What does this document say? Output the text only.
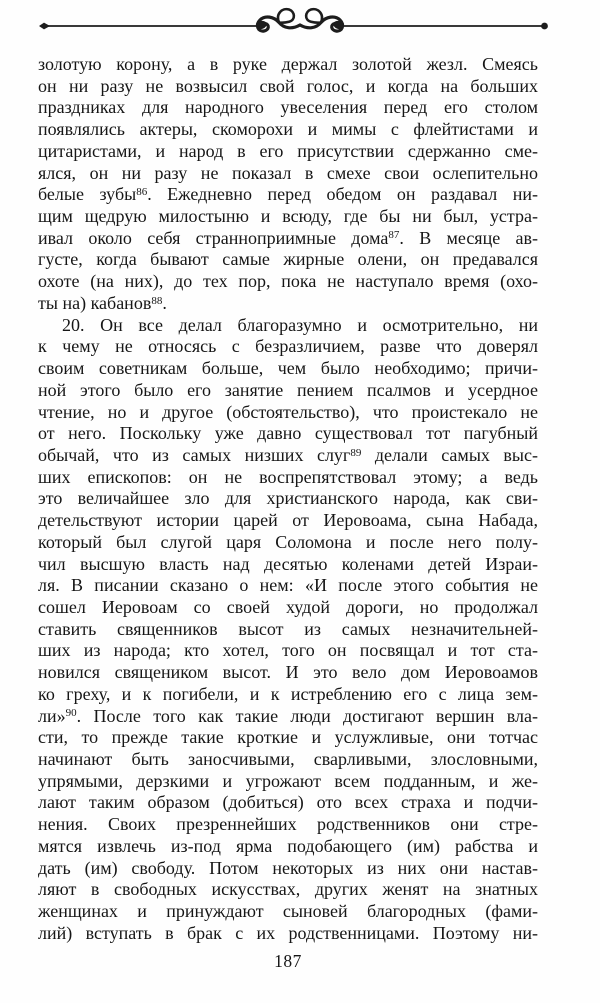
золотую корону, а в руке держал золотой жезл. Смеясь
он ни разу не возвысил свой голос, и когда на больших
праздниках для народного увеселения перед его столом
появлялись актеры, скоморохи и мимы с флейтистами и
цитаристами, и народ в его присутствии сдержанно сме-
ялся, он ни разу не показал в смехе свои ослепительно
белые зубы$^{86}$. Ежедневно перед обедом он раздавал ни-
щим щедрую милостыню и всюду, где бы ни был, устра-
ивал около себя странноприимные дома$^{87}$. В месяце ав-
густе, когда бывают самые жирные олени, он предавался
охоте (на них), до тех пор, пока не наступало время (охо-
ты на) кабанов$^{88}$.
20. Он все делал благоразумно и осмотрительно, ни
к чему не относясь с безразличием, разве что доверял
своим советникам больше, чем было необходимо; причи-
ной этого было его занятие пением псалмов и усердное
чтение, но и другое (обстоятельство), что проистекало не
от него. Поскольку уже давно существовал тот пагубный
обычай, что из самых низших слуг$^{89}$ делали самых выс-
ших епископов: он не воспрепятствовал этому; а ведь
это величайшее зло для христианского народа, как сви-
детельствуют истории царей от Иеровоама, сына Набада,
который был слугой царя Соломона и после него полу-
чил высшую власть над десятью коленами детей Израи-
ля. В писании сказано о нем: «И после этого события не
сошел Иеровоам со своей худой дороги, но продолжал
ставить священников высот из самых незначительней-
ших из народа; кто хотел, того он посвящал и тот ста-
новился священиком высот. И это вело дом Иеровоамов
ко греху, и к погибели, и к истреблению его с лица зем-
ли»$^{90}$. После того как такие люди достигают вершин вла-
сти, то прежде такие кроткие и услужливые, они тотчас
начинают быть заносчивыми, сварливыми, злословными,
упрямыми, дерзкими и угрожают всем подданным, и же-
лают таким образом (добиться) ото всех страха и подчи-
нения. Своих презреннейших родственников они стре-
мятся извлечь из-под ярма подобающего (им) рабства и
дать (им) свободу. Потом некоторых из них они настав-
ляют в свободных искусствах, других женят на знатных
женщинах и принуждают сыновей благородных (фами-
лий) вступать в брак с их родственницами. Поэтому ни-
187
